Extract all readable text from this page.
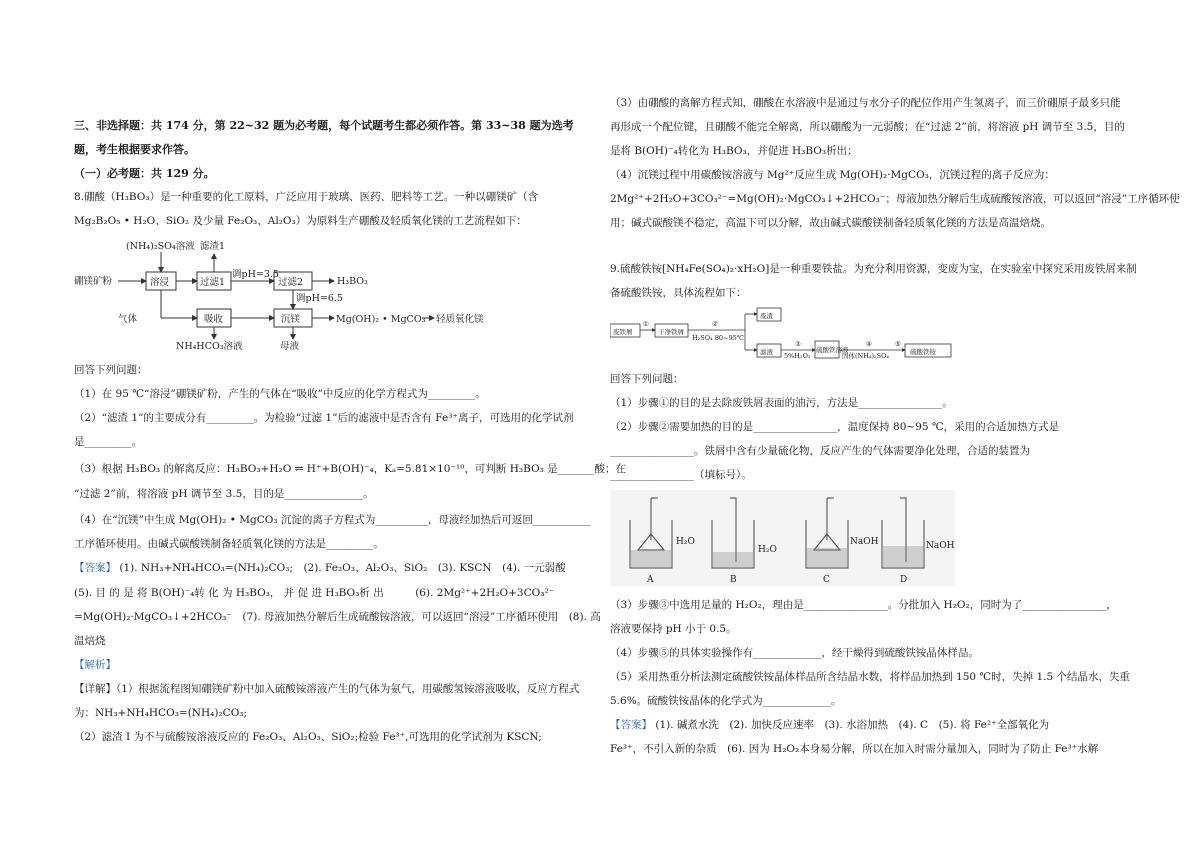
三、非选择题：共 174 分，第 22~32 题为必考题，每个试题考生都必须作答。第 33~38 题为选考
题，考生根据要求作答。
（一）必考题：共 129 分。
8.硼酸（H₃BO₃）是一种重要的化工原料，广泛应用于玻璃、医药、肥料等工艺。一种以硼镁矿（含
Mg₂B₂O₅ • H₂O、SiO₂ 及少量 Fe₂O₃、Al₂O₃）为原料生产硼酸及轻质氧化镁的工艺流程如下：
硼镁矿粉	溶浸	过滤1	过滤2	H₃BO₃
吸收	沉镁
气体
(NH₄)₂SO₄溶液 滤渣1
调pH=3.5
调pH=6.5
NH₄HCO₃溶液	母液
Mg(OH)₂ • MgCO₃ 轻质氧化镁
回答下列问题：
（1）在 95 ℃“溶浸”硼镁矿粉，产生的气体在“吸收”中反应的化学方程式为_________。
（2）“滤渣 1”的主要成分有_________。为检验“过滤 1”后的滤液中是否含有 Fe³⁺离子，可选用的化学试剂
是_________。
（3）根据 H₃BO₃ 的解离反应：H₃BO₃+H₂O ⇌ H⁺+B(OH)⁻₄，Kₐ=5.81×10⁻¹⁰，可判断 H₃BO₃ 是_______酸；在
“过滤 2”前，将溶液 pH 调节至 3.5，目的是_______________。
（4）在“沉镁”中生成 Mg(OH)₂ • MgCO₃ 沉淀的离子方程式为__________，母液经加热后可返回___________
工序循环使用。由碱式碳酸镁制备轻质氧化镁的方法是_________。
【答案】 (1). NH₃+NH₄HCO₃=(NH₄)₂CO₃;　(2). Fe₂O₃、Al₂O₃、SiO₂　(3). KSCN　(4). 一元弱酸
(5). 目 的 是 将 B(OH)⁻₄转 化 为 H₃BO₃， 并 促 进 H₃BO₃析 出　　　(6). 2Mg²⁺+2H₂O+3CO₃²⁻
=Mg(OH)₂·MgCO₃↓+2HCO₃⁻　(7). 母液加热分解后生成硫酸铵溶液，可以返回“溶浸”工序循环使用　(8). 高
温焙烧
【解析】
【详解】（1）根据流程图知硼镁矿粉中加入硫酸铵溶液产生的气体为氨气，用碳酸氢铵溶液吸收，反应方程式
为：NH₃+NH₄HCO₃=(NH₄)₂CO₃;
（2）滤渣 I 为不与硫酸铵溶液反应的 Fe₂O₃、Al₂O₃、SiO₂;检验 Fe³⁺,可选用的化学试剂为 KSCN;
（3）由硼酸的离解方程式知，硼酸在水溶液中是通过与水分子的配位作用产生氢离子，而三价硼原子最多只能
再形成一个配位键，且硼酸不能完全解离，所以硼酸为一元弱酸；在“过滤 2”前，将溶液 pH 调节至 3.5，目的
是将 B(OH)⁻₄转化为 H₃BO₃，并促进 H₃BO₃析出；
（4）沉镁过程中用碳酸铵溶液与 Mg²⁺反应生成 Mg(OH)₂·MgCO₃，沉镁过程的离子反应为：
2Mg²⁺+2H₂O+3CO₃²⁻=Mg(OH)₂·MgCO₃↓+2HCO₃⁻；母液加热分解后生成硫酸铵溶液，可以返回“溶浸”工序循环使
用；碱式碳酸镁不稳定，高温下可以分解，故由碱式碳酸镁制备轻质氧化镁的方法是高温焙烧。
9.硫酸铁铵[NH₄Fe(SO₄)₂·xH₂O]是一种重要铁盐。为充分利用资源，变废为宝，在实验室中探究采用废铁屑来制
备硫酸铁铵，具体流程如下：
废铁屑	干净铁屑
①	②
H₂SO₄ 80~95℃
废渣
滤液
③
5%H₂O₂
硫酸铁溶液
④
固体(NH₄)₂SO₄
⑤
硫酸铁铵
回答下列问题：
（1）步骤①的目的是去除废铁屑表面的油污，方法是________________。
（2）步骤②需要加热的目的是________________，温度保持 80~95 ℃，采用的合适加热方式是
________________。铁屑中含有少量硫化物，反应产生的气体需要净化处理，合适的装置为
________________（填标号）。
H₂O
H₂O
NaOH	NaOH
A	B	C	D
（3）步骤③中选用足量的 H₂O₂，理由是________________。分批加入 H₂O₂，同时为了________________，
溶液要保持 pH 小于 0.5。
（4）步骤⑤的具体实验操作有_____________，经干燥得到硫酸铁铵晶体样品。
（5）采用热重分析法测定硫酸铁铵晶体样品所含结晶水数，将样品加热到 150 ℃时，失掉 1.5 个结晶水，失重
5.6%。硫酸铁铵晶体的化学式为_____________。
【答案】 (1). 碱煮水洗　(2). 加快反应速率　(3). 水浴加热　(4). C　(5). 将 Fe²⁺全部氧化为
Fe³⁺，不引入新的杂质　(6). 因为 H₂O₂本身易分解，所以在加入时需分量加入，同时为了防止 Fe³⁺水解
